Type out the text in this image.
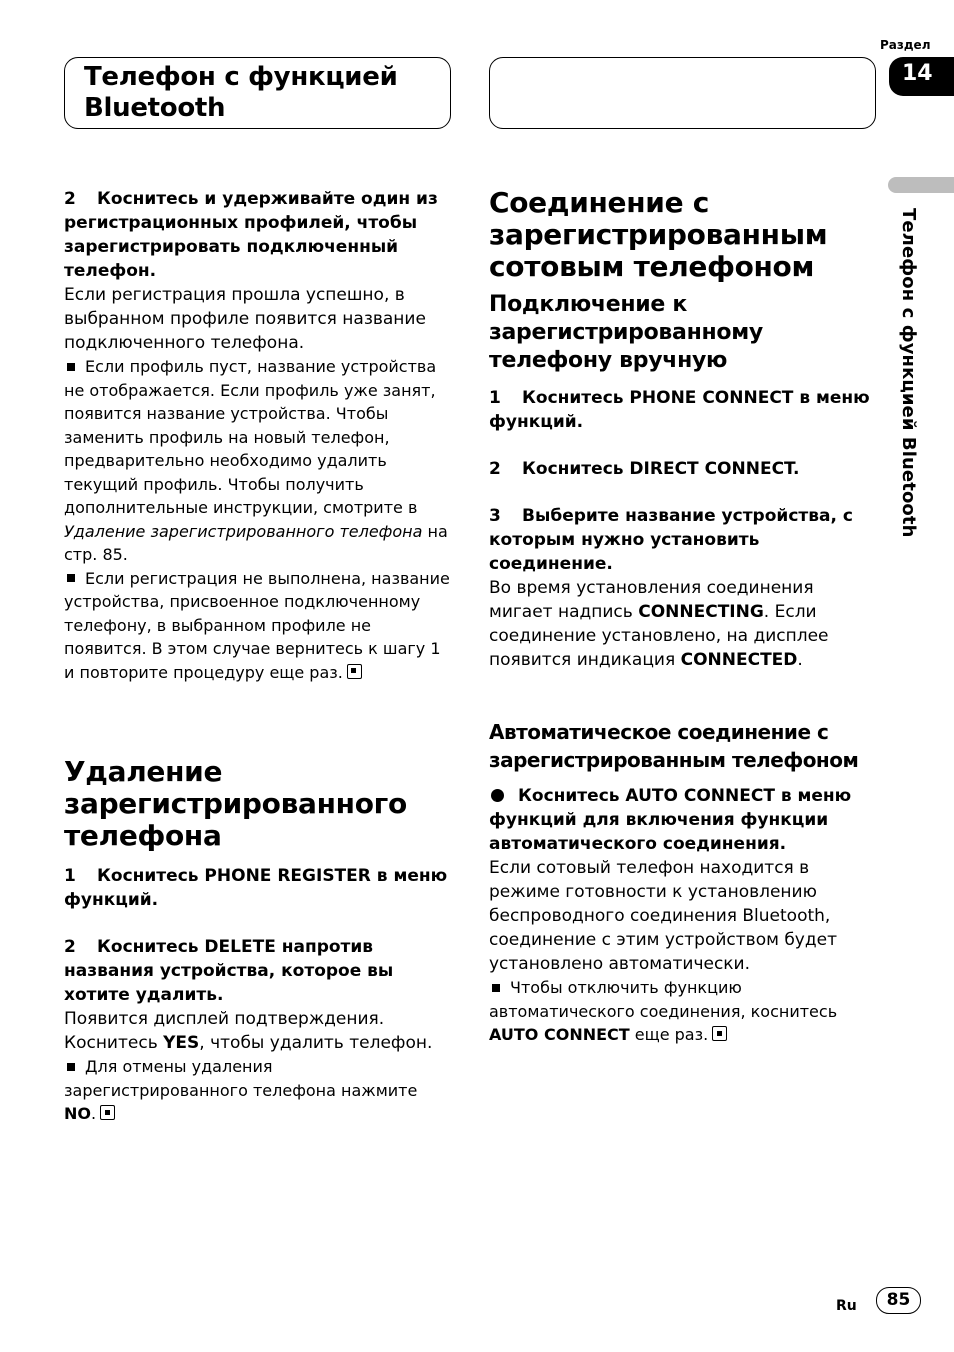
Телефон с функцией Bluetooth
Раздел
14
Телефон с функцией Bluetooth
2 Коснитесь и удерживайте один из регистрационных профилей, чтобы зарегистрировать подключенный телефон.
Если регистрация прошла успешно, в выбранном профиле появится название подключенного телефона.
Если профиль пуст, название устройства не отображается. Если профиль уже занят, появится название устройства. Чтобы заменить профиль на новый телефон, предварительно необходимо удалить текущий профиль. Чтобы получить дополнительные инструкции, смотрите в Удаление зарегистрированного телефона на стр. 85.
Если регистрация не выполнена, название устройства, присвоенное подключенному телефону, в выбранном профиле не появится. В этом случае вернитесь к шагу 1 и повторите процедуру еще раз.
Удаление зарегистрированного телефона
1 Коснитесь PHONE REGISTER в меню функций.
2 Коснитесь DELETE напротив названия устройства, которое вы хотите удалить.
Появится дисплей подтверждения. Коснитесь YES, чтобы удалить телефон.
Для отмены удаления зарегистрированного телефона нажмите NO.
Соединение с зарегистрированным сотовым телефоном
Подключение к зарегистрированному телефону вручную
1 Коснитесь PHONE CONNECT в меню функций.
2 Коснитесь DIRECT CONNECT.
3 Выберите название устройства, с которым нужно установить соединение.
Во время установления соединения мигает надпись CONNECTING. Если соединение установлено, на дисплее появится индикация CONNECTED.
Автоматическое соединение с зарегистрированным телефоном
Коснитесь AUTO CONNECT в меню функций для включения функции автоматического соединения.
Если сотовый телефон находится в режиме готовности к установлению беспроводного соединения Bluetooth, соединение с этим устройством будет установлено автоматически.
Чтобы отключить функцию автоматического соединения, коснитесь AUTO CONNECT еще раз.
Ru	85
